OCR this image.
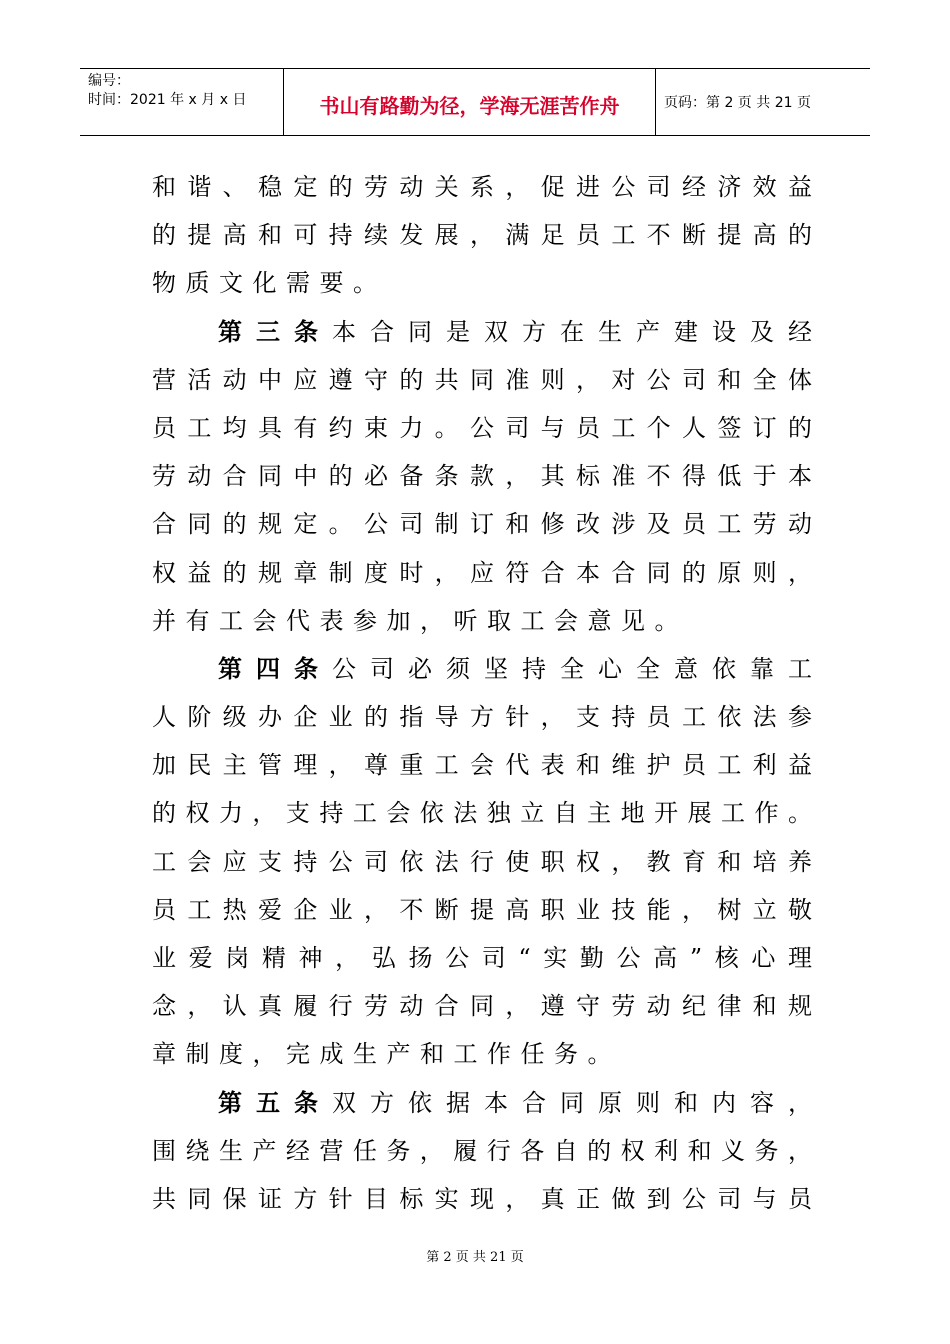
编号：
时间：2021 年 x 月 x 日	书山有路勤为径，学海无涯苦作舟	页码：第 2 页 共 21 页
和谐、稳定的劳动关系，促进公司经济效益
的提高和可持续发展，满足员工不断提高的
物质文化需要。
第三条本合同是双方在生产建设及经
营活动中应遵守的共同准则，对公司和全体
员工均具有约束力。公司与员工个人签订的
劳动合同中的必备条款，其标准不得低于本
合同的规定。公司制订和修改涉及员工劳动
权益的规章制度时，应符合本合同的原则，
并有工会代表参加，听取工会意见。
第四条公司必须坚持全心全意依靠工
人阶级办企业的指导方针，支持员工依法参
加民主管理，尊重工会代表和维护员工利益
的权力，支持工会依法独立自主地开展工作。
工会应支持公司依法行使职权，教育和培养
员工热爱企业，不断提高职业技能，树立敬
业爱岗精神，弘扬公司“实勤公高”核心理
念，认真履行劳动合同，遵守劳动纪律和规
章制度，完成生产和工作任务。
第五条双方依据本合同原则和内容，
围绕生产经营任务，履行各自的权利和义务，
共同保证方针目标实现，真正做到公司与员
第 2 页 共 21 页
